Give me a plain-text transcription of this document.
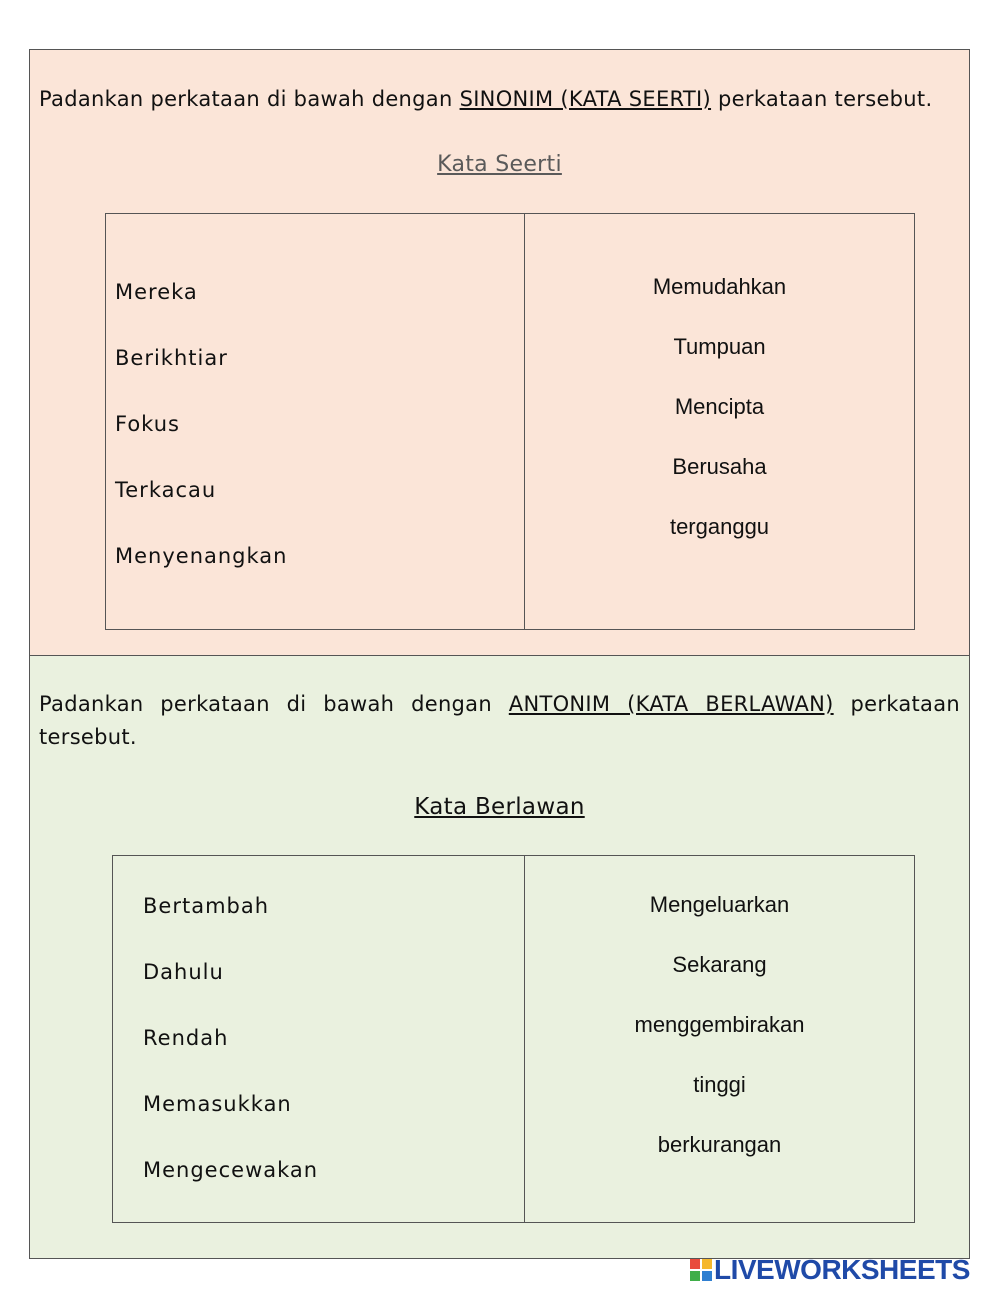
Padankan perkataan di bawah dengan SINONIM (KATA SEERTI) perkataan tersebut.
Kata Seerti
Mereka
Berikhtiar
Fokus
Terkacau
Menyenangkan
Memudahkan
Tumpuan
Mencipta
Berusaha
terganggu
Padankan perkataan di bawah dengan ANTONIM (KATA BERLAWAN) perkataan tersebut.
Kata Berlawan
Bertambah
Dahulu
Rendah
Memasukkan
Mengecewakan
Mengeluarkan
Sekarang
menggembirakan
tinggi
berkurangan
LIVEWORKSHEETS
